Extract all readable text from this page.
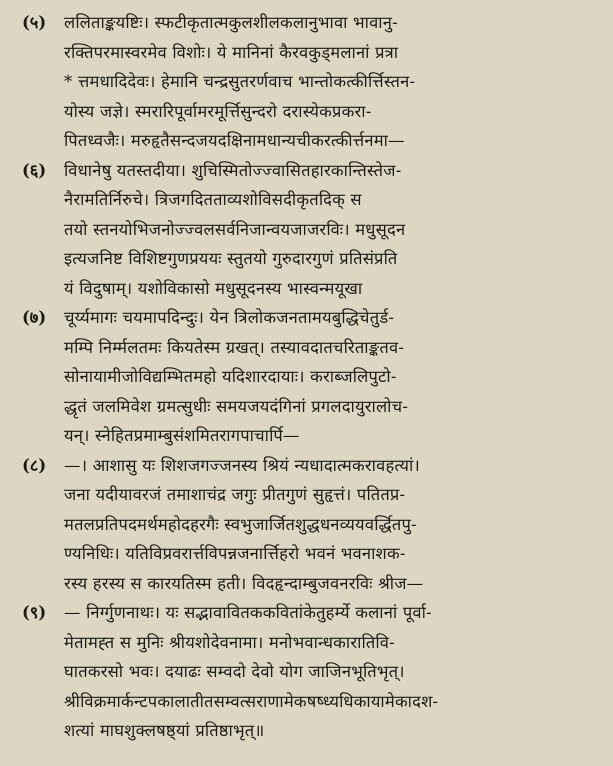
(५) ललिताङ्कयष्टिः। स्फटीकृतात्मकुलशीलकलानुभावा भावानु-
रक्तिपरमास्वरमेव विशोः। ये मानिनां कैरवकुड्मलानां प्रत्रा
* त्तमधादिदेवः। हेमानि चन्द्रसुतरर्णवाच भान्तोकत्कीर्त्तिस्तन-
योस्य जज्ञे। स्मरारिपूर्वामरमूर्त्तिसुन्दरो दरास्येकप्रकरा-
पितध्वजैः। मरुहृतैसन्दजयदक्षिनामधान्यचीकरत्कीर्त्तनमा—
(६) विधानेषु यतस्तदीया। शुचिस्मितोज्ज्वासितहारकान्तिस्तेज-
नैरामतिर्निरुचे। त्रिजगदितताव्यशोविसदीकृतदिक् स
तयो स्तनयोभिजनोज्ज्वलसर्वनिजान्वयजाजरविः। मधुसूदन
इत्यजनिष्ट विशिष्टगुणप्रययः स्तुतयो गुरुदारगुणं प्रतिसंप्रति
यं विदुषाम्। यशोविकासो मधुसूदनस्य भास्वन्मयूखा
(७) चूर्य्यमागः चयमापदिन्दुः। येन त्रिलोकजनतामयबुद्धिचेतुर्ड-
मम्पि निर्म्मलतमः कियतेस्म ग्रखत्। तस्यावदातचरिताङ्कतव-
सोनायामीजोविद्यम्भितमहो यदिशारदायाः। कराब्जलिपुटो-
द्धृतं जलमिवेश ग्रमत्सुधीः समयजयदंगिनां प्रगलदायुरालोच-
यन्। स्नेहितप्रमाम्बुसंशमितरागपाचार्पि—
(८) —। आशासु यः शिशजगज्जनस्य श्रियं न्यधादात्मकरावहत्यां।
जना यदीयावरजं तमाशाचंद्र जगुः प्रीतगुणं सुहृत्तं। पतितप्र-
मतलप्रतिपदमर्थमहोदहरगैः स्वभुजार्जितशुद्धधनव्ययवर्द्धितपु-
ण्यनिधिः। यतिविप्रवरार्त्तविपन्नजनार्त्तिहरो भवनं भवनाशक-
रस्य हरस्य स कारयतिस्म हती। विदहृन्दाम्बुजवनरविः श्रीज—
(९) — निर्ग्गुणनाथः। यः सद्भावावितककवितांकेतुहर्म्ये कलानां पूर्वा-
मेतामह्त स मुनिः श्रीयशोदेवनामा। मनोभवान्धकारातिवि-
घातकरसो भवः। दयाढः सम्वदो देवो योग जाजिनभूतिभृत्।
श्रीविक्रमार्कन्टपकालातीतसम्वत्सराणामेकषष्ध्यधिकायामेकादश-
शत्यां माघशुक्लषष्ठ्यां प्रतिष्ठाभृत्॥
